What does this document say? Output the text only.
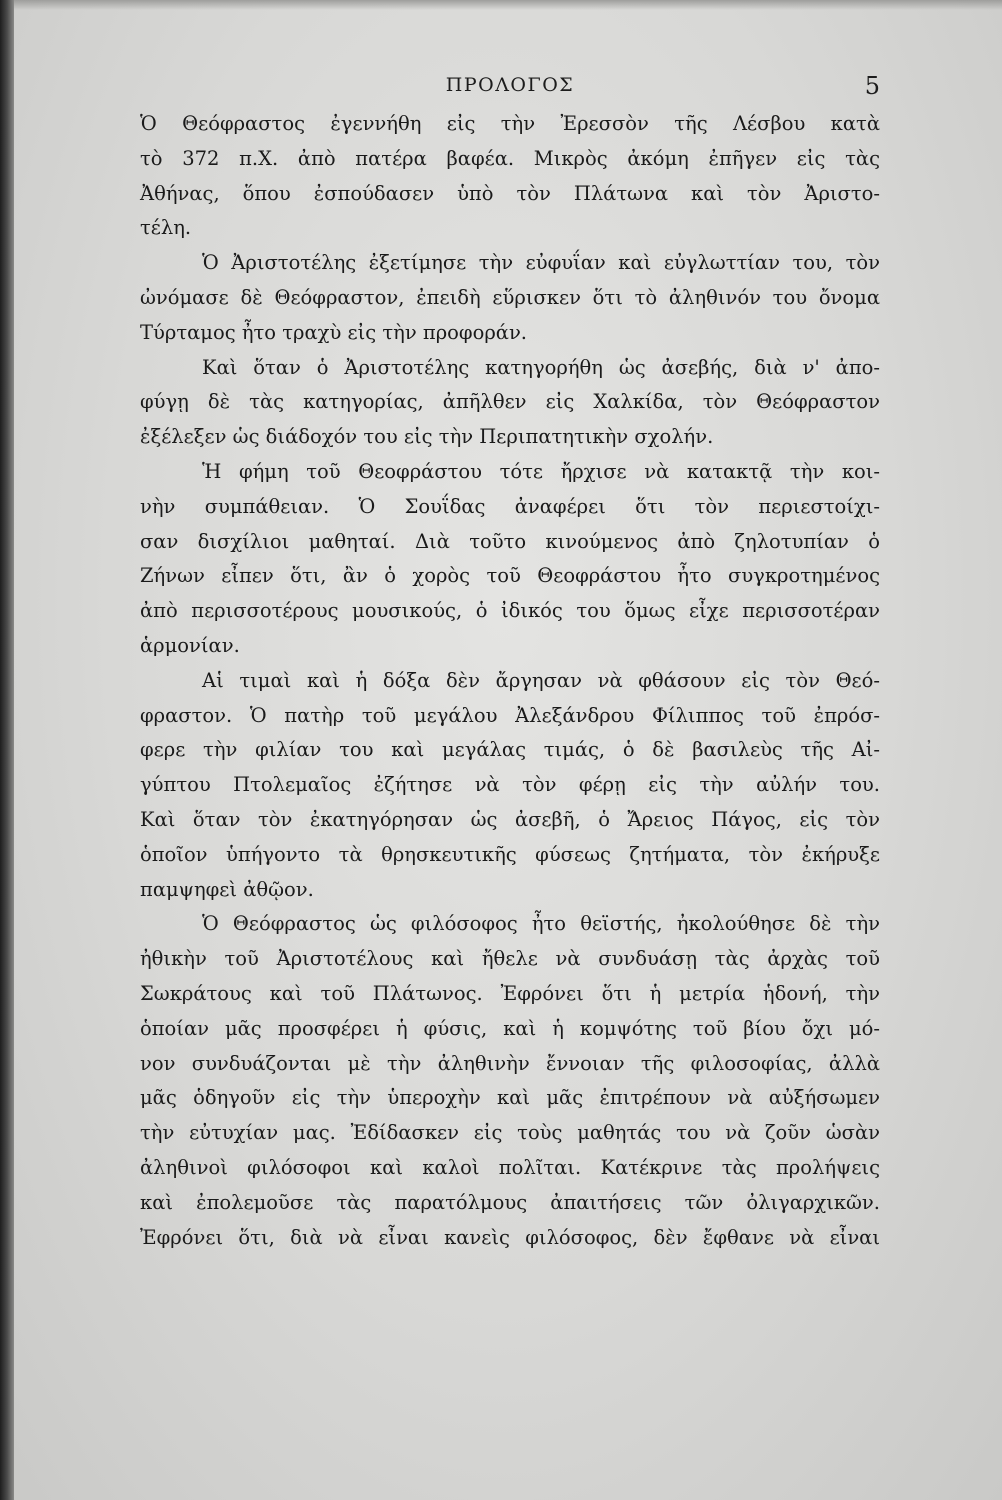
ΠΡΟΛΟΓΟΣ	5
Ὁ Θεόφραστος ἐγεννήθη εἰς τὴν Ἐρεσσὸν τῆς Λέσβου κατὰ
τὸ 372 π.Χ. ἀπὸ πατέρα βαφέα. Μικρὸς ἀκόμη ἐπῆγεν εἰς τὰς
Ἀθήνας, ὅπου ἐσπούδασεν ὑπὸ τὸν Πλάτωνα καὶ τὸν Ἀριστο-
τέλη.
Ὁ Ἀριστοτέλης ἐξετίμησε τὴν εὐφυΐαν καὶ εὐγλωττίαν του, τὸν
ὠνόμασε δὲ Θεόφραστον, ἐπειδὴ εὕρισκεν ὅτι τὸ ἀληθινόν του ὄνομα
Τύρταμος ἦτο τραχὺ εἰς τὴν προφοράν.
Καὶ ὅταν ὁ Ἀριστοτέλης κατηγορήθη ὡς ἀσεβής, διὰ ν' ἀπο-
φύγῃ δὲ τὰς κατηγορίας, ἀπῆλθεν εἰς Χαλκίδα, τὸν Θεόφραστον
ἐξέλεξεν ὡς διάδοχόν του εἰς τὴν Περιπατητικὴν σχολήν.
Ἡ φήμη τοῦ Θεοφράστου τότε ἤρχισε νὰ κατακτᾷ τὴν κοι-
νὴν συμπάθειαν. Ὁ Σουΐδας ἀναφέρει ὅτι τὸν περιεστοίχι-
σαν δισχίλιοι μαθηταί. Διὰ τοῦτο κινούμενος ἀπὸ ζηλοτυπίαν ὁ
Ζήνων εἶπεν ὅτι, ἂν ὁ χορὸς τοῦ Θεοφράστου ἦτο συγκροτημένος
ἀπὸ περισσοτέρους μουσικούς, ὁ ἰδικός του ὅμως εἶχε περισσοτέραν
ἁρμονίαν.
Αἱ τιμαὶ καὶ ἡ δόξα δὲν ἄργησαν νὰ φθάσουν εἰς τὸν Θεό-
φραστον. Ὁ πατὴρ τοῦ μεγάλου Ἀλεξάνδρου Φίλιππος τοῦ ἐπρόσ-
φερε τὴν φιλίαν του καὶ μεγάλας τιμάς, ὁ δὲ βασιλεὺς τῆς Αἰ-
γύπτου Πτολεμαῖος ἐζήτησε νὰ τὸν φέρῃ εἰς τὴν αὐλήν του.
Καὶ ὅταν τὸν ἐκατηγόρησαν ὡς ἀσεβῆ, ὁ Ἄρειος Πάγος, εἰς τὸν
ὁποῖον ὑπήγοντο τὰ θρησκευτικῆς φύσεως ζητήματα, τὸν ἐκήρυξε
παμψηφεὶ ἀθῷον.
Ὁ Θεόφραστος ὡς φιλόσοφος ἦτο θεϊστής, ἠκολούθησε δὲ τὴν
ἠθικὴν τοῦ Ἀριστοτέλους καὶ ἤθελε νὰ συνδυάσῃ τὰς ἀρχὰς τοῦ
Σωκράτους καὶ τοῦ Πλάτωνος. Ἐφρόνει ὅτι ἡ μετρία ἡδονή, τὴν
ὁποίαν μᾶς προσφέρει ἡ φύσις, καὶ ἡ κομψότης τοῦ βίου ὄχι μό-
νον συνδυάζονται μὲ τὴν ἀληθινὴν ἔννοιαν τῆς φιλοσοφίας, ἀλλὰ
μᾶς ὁδηγοῦν εἰς τὴν ὑπεροχὴν καὶ μᾶς ἐπιτρέπουν νὰ αὐξήσωμεν
τὴν εὐτυχίαν μας. Ἐδίδασκεν εἰς τοὺς μαθητάς του νὰ ζοῦν ὡσὰν
ἀληθινοὶ φιλόσοφοι καὶ καλοὶ πολῖται. Κατέκρινε τὰς προλήψεις
καὶ ἐπολεμοῦσε τὰς παρατόλμους ἀπαιτήσεις τῶν ὀλιγαρχικῶν.
Ἐφρόνει ὅτι, διὰ νὰ εἶναι κανεὶς φιλόσοφος, δὲν ἔφθανε νὰ εἶναι
